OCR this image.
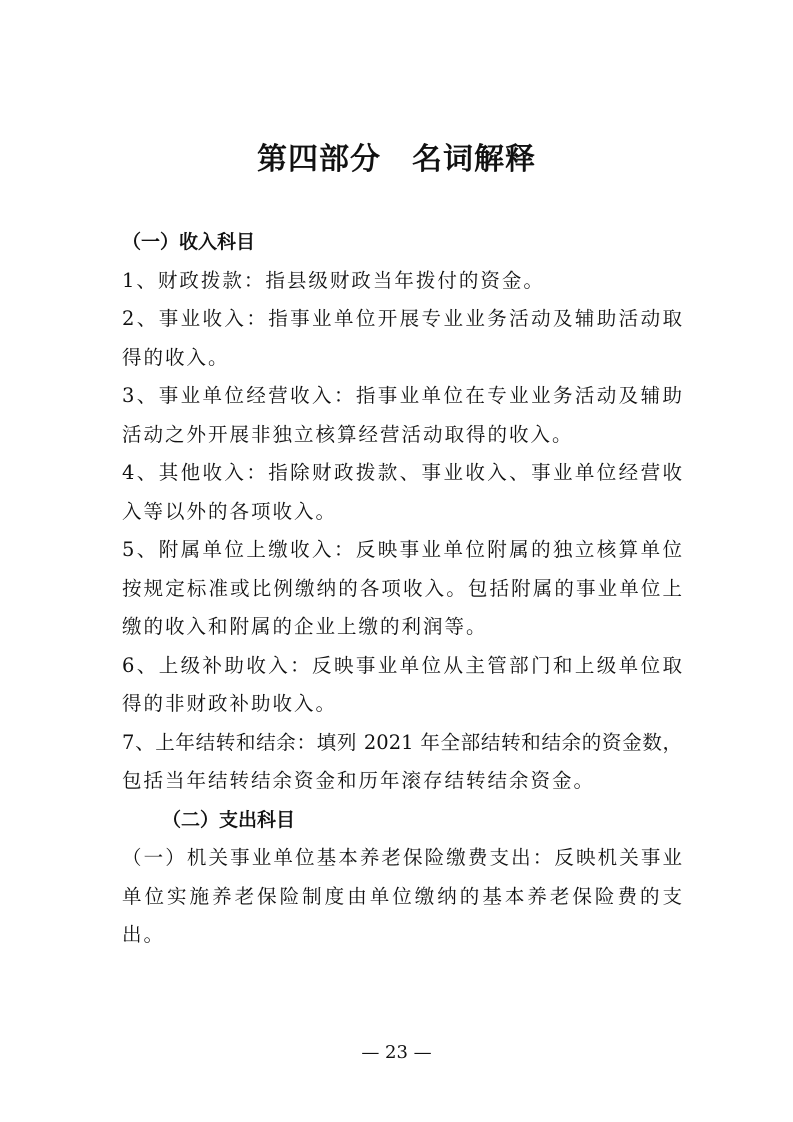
第四部分　名词解释
（一）收入科目
1、财政拨款：指县级财政当年拨付的资金。
2、事业收入：指事业单位开展专业业务活动及辅助活动取
得的收入。
3、事业单位经营收入：指事业单位在专业业务活动及辅助
活动之外开展非独立核算经营活动取得的收入。
4、其他收入：指除财政拨款、事业收入、事业单位经营收
入等以外的各项收入。
5、附属单位上缴收入：反映事业单位附属的独立核算单位
按规定标准或比例缴纳的各项收入。包括附属的事业单位上
缴的收入和附属的企业上缴的利润等。
6、上级补助收入：反映事业单位从主管部门和上级单位取
得的非财政补助收入。
7、上年结转和结余：填列 2021 年全部结转和结余的资金数，
包括当年结转结余资金和历年滚存结转结余资金。
（二）支出科目
（一）机关事业单位基本养老保险缴费支出：反映机关事业
单位实施养老保险制度由单位缴纳的基本养老保险费的支
出。
— 23 —
